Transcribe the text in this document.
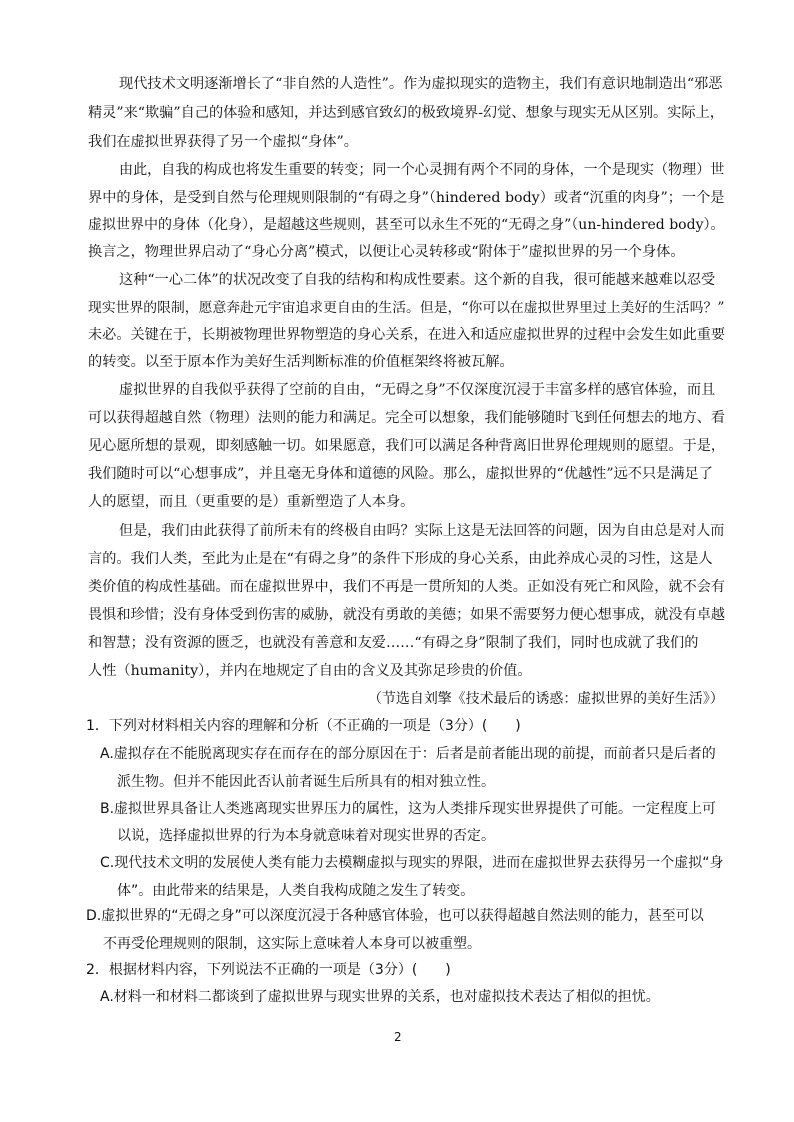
现代技术文明逐渐增长了“非自然的人造性”。作为虚拟现实的造物主，我们有意识地制造出“邪恶

精灵”来“欺骗”自己的体验和感知，并达到感官致幻的极致境界-幻觉、想象与现实无从区别。实际上，

我们在虚拟世界获得了另一个虚拟“身体”。

由此，自我的构成也将发生重要的转变；同一个心灵拥有两个不同的身体，一个是现实（物理）世

界中的身体，是受到自然与伦理规则限制的“有碍之身”（hindered body）或者“沉重的肉身”；一个是

虚拟世界中的身体（化身），是超越这些规则，甚至可以永生不死的“无碍之身”（un-hindered body）。

换言之，物理世界启动了“身心分离”模式，以便让心灵转移或“附体于”虚拟世界的另一个身体。

这种“一心二体”的状况改变了自我的结构和构成性要素。这个新的自我，很可能越来越难以忍受

现实世界的限制，愿意奔赴元宇宙追求更自由的生活。但是，“你可以在虚拟世界里过上美好的生活吗？”

未必。关键在于，长期被物理世界物塑造的身心关系，在进入和适应虚拟世界的过程中会发生如此重要

的转变。以至于原本作为美好生活判断标准的价值框架终将被瓦解。

虚拟世界的自我似乎获得了空前的自由，“无碍之身”不仅深度沉浸于丰富多样的感官体验，而且

可以获得超越自然（物理）法则的能力和满足。完全可以想象，我们能够随时飞到任何想去的地方、看

见心愿所想的景观，即刻感触一切。如果愿意，我们可以满足各种背离旧世界伦理规则的愿望。于是，

我们随时可以“心想事成”，并且毫无身体和道德的风险。那么，虚拟世界的“优越性”远不只是满足了

人的愿望，而且（更重要的是）重新塑造了人本身。

但是，我们由此获得了前所未有的终极自由吗？实际上这是无法回答的问题，因为自由总是对人而

言的。我们人类，至此为止是在“有碍之身”的条件下形成的身心关系，由此养成心灵的习性，这是人

类价值的构成性基础。而在虚拟世界中，我们不再是一贯所知的人类。正如没有死亡和风险，就不会有

畏惧和珍惜；没有身体受到伤害的威胁，就没有勇敢的美德；如果不需要努力便心想事成，就没有卓越

和智慧；没有资源的匮乏，也就没有善意和友爱……“有碍之身”限制了我们，同时也成就了我们的

人性（humanity），并内在地规定了自由的含义及其弥足珍贵的价值。

（节选自刘擎《技术最后的诱惑：虚拟世界的美好生活》）

1．下列对材料相关内容的理解和分析（不正确的一项是（3分）(　　)

A.虚拟存在不能脱离现实存在而存在的部分原因在于：后者是前者能出现的前提，而前者只是后者的

派生物。但并不能因此否认前者诞生后所具有的相对独立性。

B.虚拟世界具备让人类逃离现实世界压力的属性，这为人类排斥现实世界提供了可能。一定程度上可

以说，选择虚拟世界的行为本身就意味着对现实世界的否定。

C.现代技术文明的发展使人类有能力去模糊虚拟与现实的界限，进而在虚拟世界去获得另一个虚拟“身

体”。由此带来的结果是，人类自我构成随之发生了转变。

D.虚拟世界的“无碍之身”可以深度沉浸于各种感官体验，也可以获得超越自然法则的能力，甚至可以

不再受伦理规则的限制，这实际上意味着人本身可以被重塑。

2．根据材料内容，下列说法不正确的一项是（3分）(　　)

A.材料一和材料二都谈到了虚拟世界与现实世界的关系，也对虚拟技术表达了相似的担忧。

2
